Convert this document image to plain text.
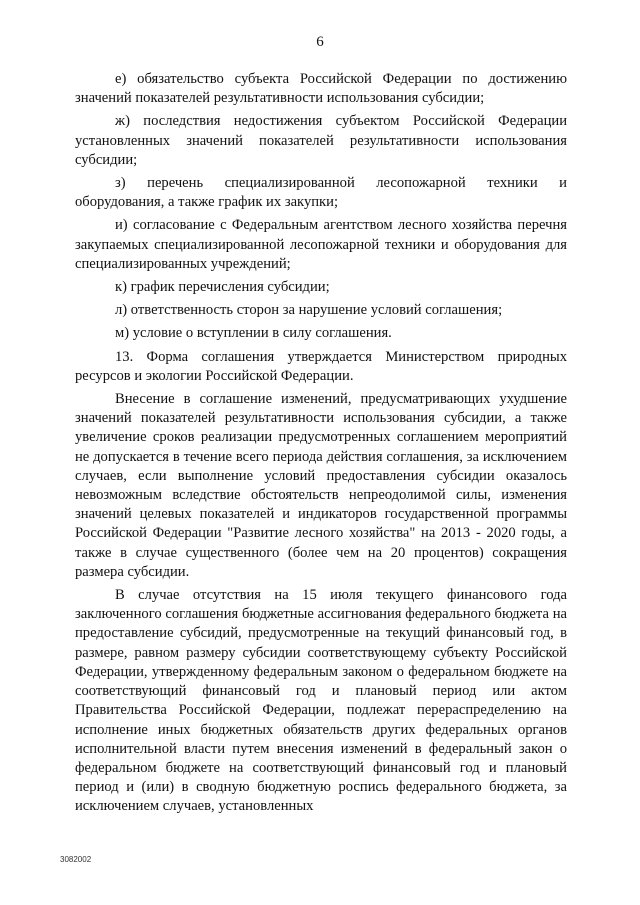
6

е) обязательство субъекта Российской Федерации по достижению значений показателей результативности использования субсидии;

ж) последствия недостижения субъектом Российской Федерации установленных значений показателей результативности использования субсидии;

з) перечень специализированной лесопожарной техники и оборудования, а также график их закупки;

и) согласование с Федеральным агентством лесного хозяйства перечня закупаемых специализированной лесопожарной техники и оборудования для специализированных учреждений;

к) график перечисления субсидии;

л) ответственность сторон за нарушение условий соглашения;

м) условие о вступлении в силу соглашения.

13. Форма соглашения утверждается Министерством природных ресурсов и экологии Российской Федерации.

Внесение в соглашение изменений, предусматривающих ухудшение значений показателей результативности использования субсидии, а также увеличение сроков реализации предусмотренных соглашением мероприятий не допускается в течение всего периода действия соглашения, за исключением случаев, если выполнение условий предоставления субсидии оказалось невозможным вследствие обстоятельств непреодолимой силы, изменения значений целевых показателей и индикаторов государственной программы Российской Федерации "Развитие лесного хозяйства" на 2013 - 2020 годы, а также в случае существенного (более чем на 20 процентов) сокращения размера субсидии.

В случае отсутствия на 15 июля текущего финансового года заключенного соглашения бюджетные ассигнования федерального бюджета на предоставление субсидий, предусмотренные на текущий финансовый год, в размере, равном размеру субсидии соответствующему субъекту Российской Федерации, утвержденному федеральным законом о федеральном бюджете на соответствующий финансовый год и плановый период или актом Правительства Российской Федерации, подлежат перераспределению на исполнение иных бюджетных обязательств других федеральных органов исполнительной власти путем внесения изменений в федеральный закон о федеральном бюджете на соответствующий финансовый год и плановый период и (или) в сводную бюджетную роспись федерального бюджета, за исключением случаев, установленных

3082002
